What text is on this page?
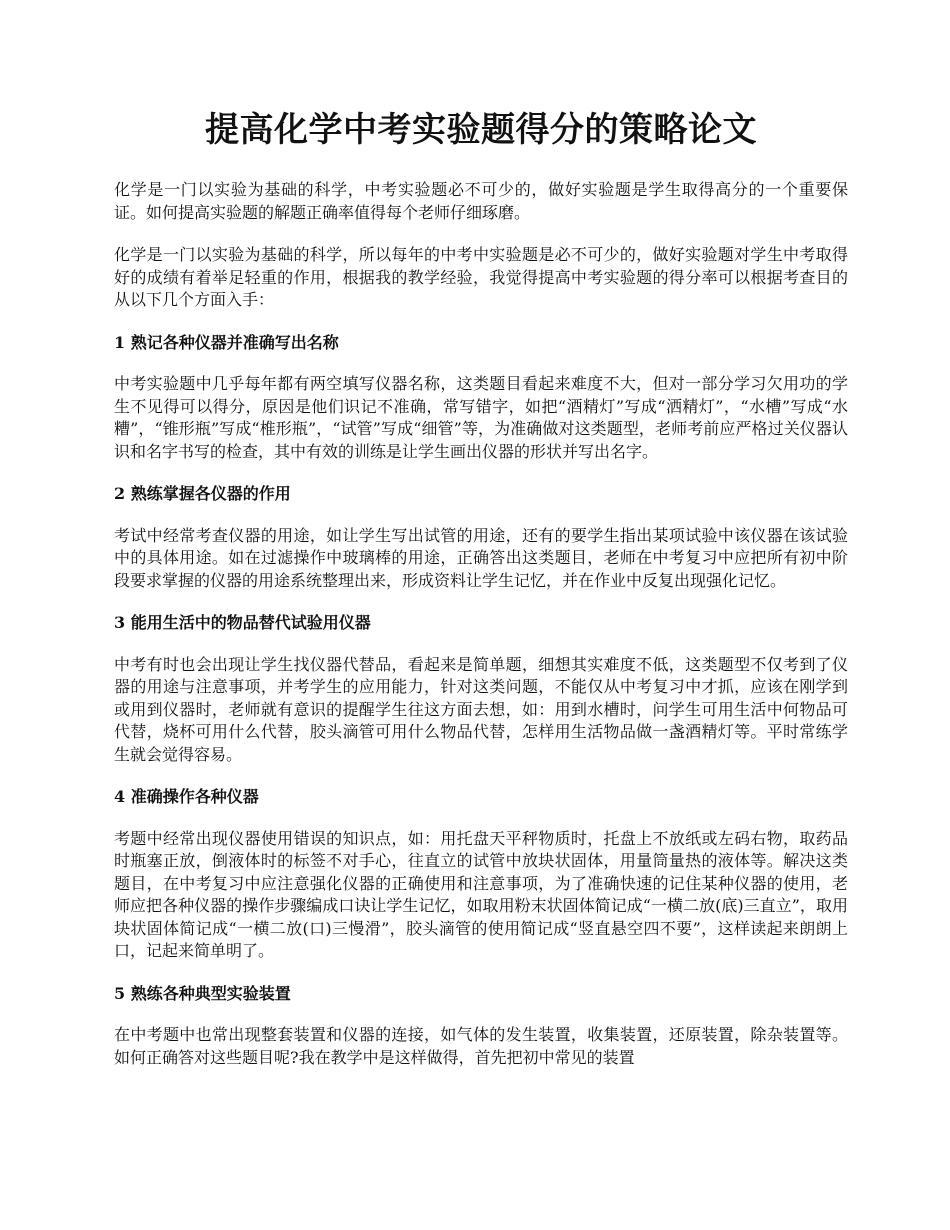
提高化学中考实验题得分的策略论文

化学是一门以实验为基础的科学，中考实验题必不可少的，做好实验题是学生取得高分的一个重要保证。如何提高实验题的解题正确率值得每个老师仔细琢磨。

化学是一门以实验为基础的科学，所以每年的中考中实验题是必不可少的，做好实验题对学生中考取得好的成绩有着举足轻重的作用，根据我的教学经验，我觉得提高中考实验题的得分率可以根据考查目的从以下几个方面入手：

1 熟记各种仪器并准确写出名称

中考实验题中几乎每年都有两空填写仪器名称，这类题目看起来难度不大，但对一部分学习欠用功的学生不见得可以得分，原因是他们识记不准确，常写错字，如把“酒精灯”写成“洒精灯”，“水槽”写成“水糟”，“锥形瓶”写成“椎形瓶”，“试管”写成“细管”等，为准确做对这类题型，老师考前应严格过关仪器认识和名字书写的检查，其中有效的训练是让学生画出仪器的形状并写出名字。

2 熟练掌握各仪器的作用

考试中经常考查仪器的用途，如让学生写出试管的用途，还有的要学生指出某项试验中该仪器在该试验中的具体用途。如在过滤操作中玻璃棒的用途，正确答出这类题目，老师在中考复习中应把所有初中阶段要求掌握的仪器的用途系统整理出来，形成资料让学生记忆，并在作业中反复出现强化记忆。

3 能用生活中的物品替代试验用仪器

中考有时也会出现让学生找仪器代替品，看起来是简单题，细想其实难度不低，这类题型不仅考到了仪器的用途与注意事项，并考学生的应用能力，针对这类问题，不能仅从中考复习中才抓，应该在刚学到或用到仪器时，老师就有意识的提醒学生往这方面去想，如：用到水槽时，问学生可用生活中何物品可代替，烧杯可用什么代替，胶头滴管可用什么物品代替，怎样用生活物品做一盏酒精灯等。平时常练学生就会觉得容易。

4 准确操作各种仪器

考题中经常出现仪器使用错误的知识点，如：用托盘天平秤物质时，托盘上不放纸或左码右物，取药品时瓶塞正放，倒液体时的标签不对手心，往直立的试管中放块状固体，用量筒量热的液体等。解决这类题目，在中考复习中应注意强化仪器的正确使用和注意事项，为了准确快速的记住某种仪器的使用，老师应把各种仪器的操作步骤编成口诀让学生记忆，如取用粉末状固体简记成“一横二放(底)三直立”，取用块状固体简记成“一横二放(口)三慢滑”，胶头滴管的使用简记成“竖直悬空四不要”，这样读起来朗朗上口，记起来简单明了。

5 熟练各种典型实验装置

在中考题中也常出现整套装置和仪器的连接，如气体的发生装置，收集装置，还原装置，除杂装置等。如何正确答对这些题目呢?我在教学中是这样做得，首先把初中常见的装置
